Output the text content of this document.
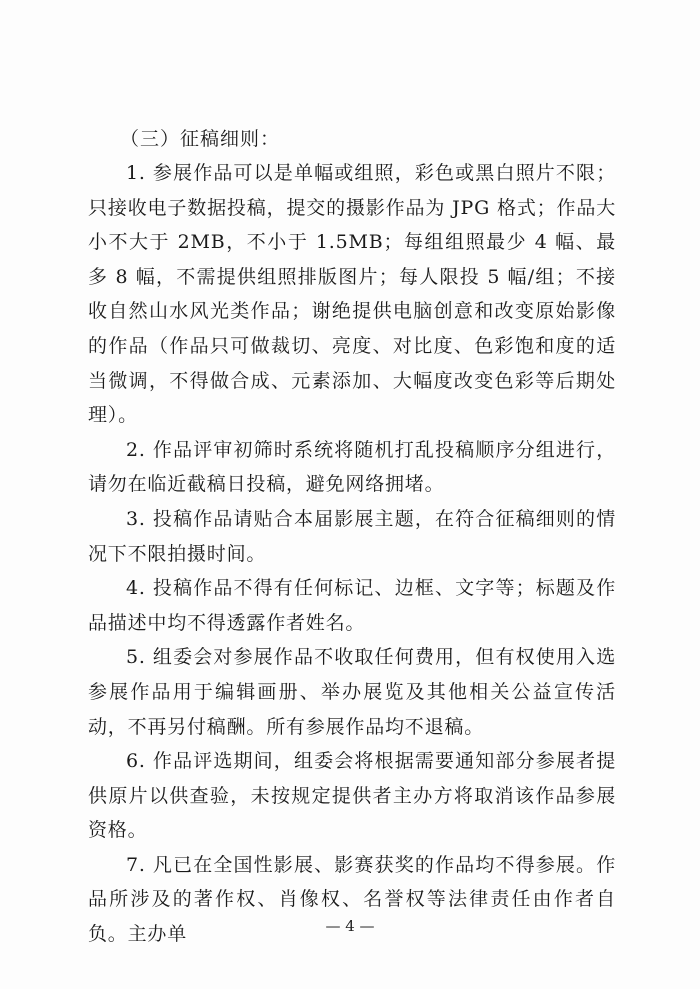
（三）征稿细则：

1. 参展作品可以是单幅或组照，彩色或黑白照片不限；只接收电子数据投稿，提交的摄影作品为 JPG 格式；作品大小不大于 2MB，不小于 1.5MB；每组组照最少 4 幅、最多 8 幅，不需提供组照排版图片；每人限投 5 幅/组；不接收自然山水风光类作品；谢绝提供电脑创意和改变原始影像的作品（作品只可做裁切、亮度、对比度、色彩饱和度的适当微调，不得做合成、元素添加、大幅度改变色彩等后期处理）。

2. 作品评审初筛时系统将随机打乱投稿顺序分组进行，请勿在临近截稿日投稿，避免网络拥堵。

3. 投稿作品请贴合本届影展主题，在符合征稿细则的情况下不限拍摄时间。

4. 投稿作品不得有任何标记、边框、文字等；标题及作品描述中均不得透露作者姓名。

5. 组委会对参展作品不收取任何费用，但有权使用入选参展作品用于编辑画册、举办展览及其他相关公益宣传活动，不再另付稿酬。所有参展作品均不退稿。

6. 作品评选期间，组委会将根据需要通知部分参展者提供原片以供查验，未按规定提供者主办方将取消该作品参展资格。

7. 凡已在全国性影展、影赛获奖的作品均不得参展。作品所涉及的著作权、肖像权、名誉权等法律责任由作者自负。主办单	— 4 —
